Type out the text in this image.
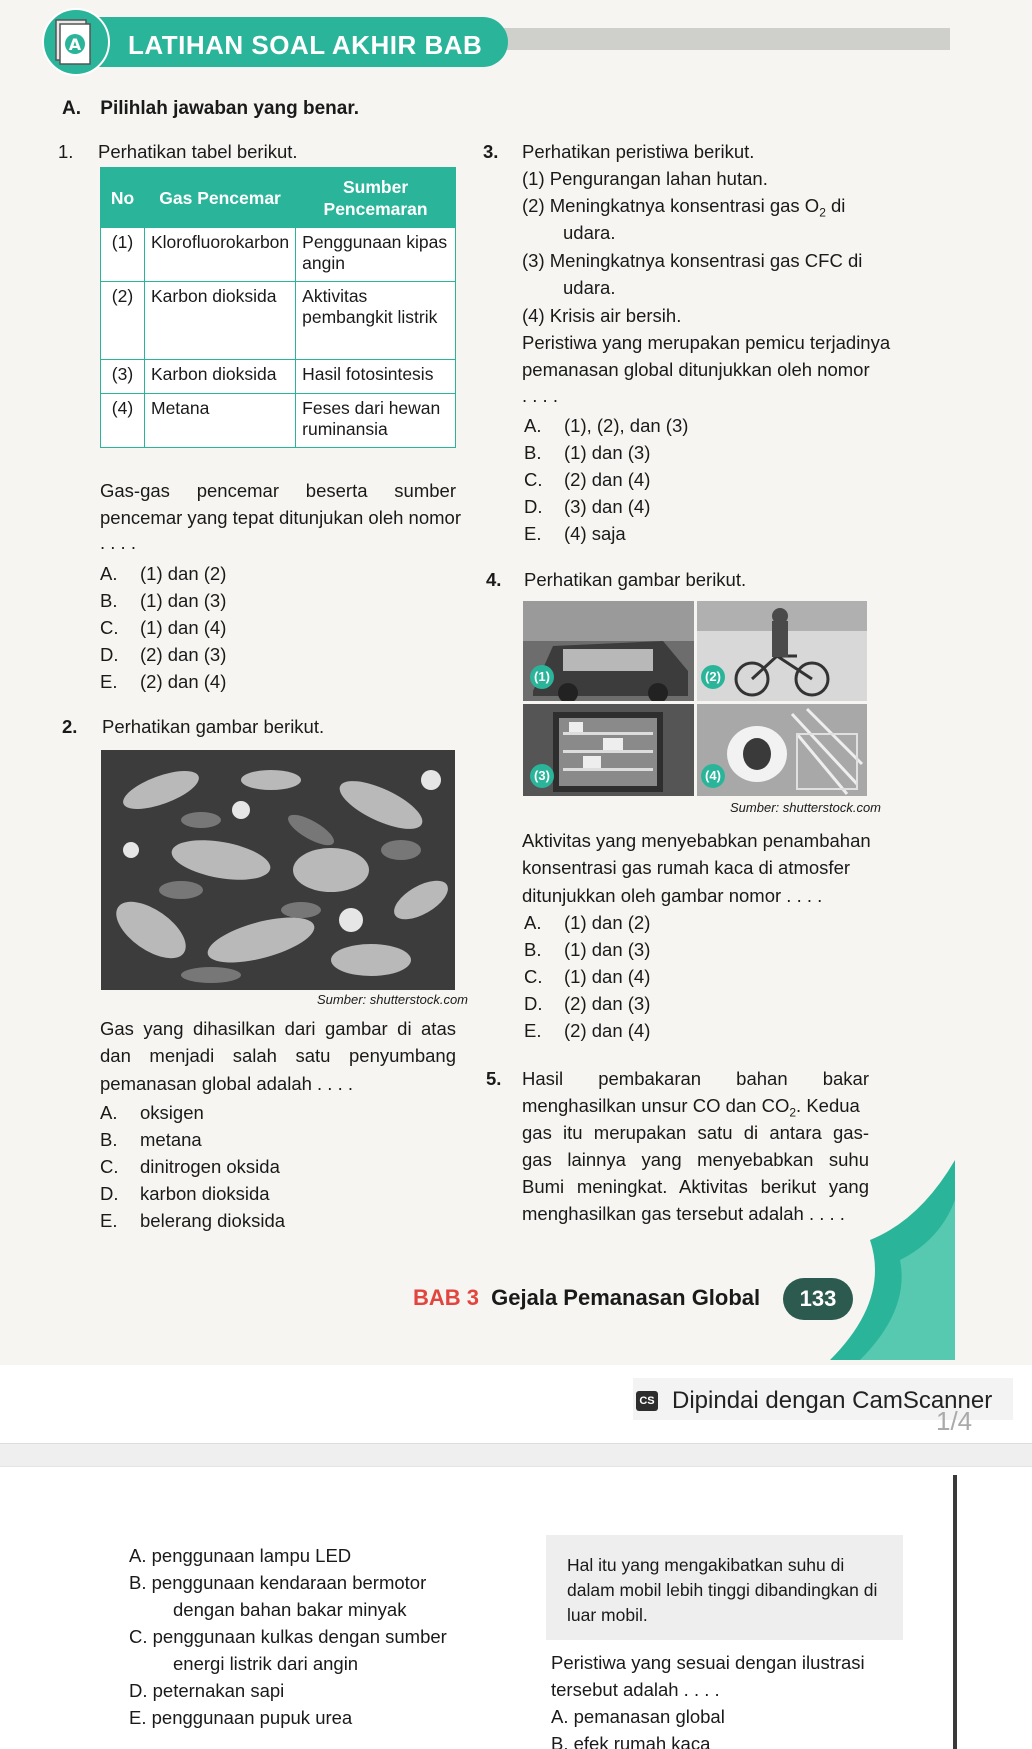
A LATIHAN SOAL AKHIR BAB
A. Pilihlah jawaban yang benar.
1. Perhatikan tabel berikut.
No	Gas Pencemar	Sumber Pencemaran
(1)	Klorofluorokarbon	Penggunaan kipas angin
(2)	Karbon dioksida	Aktivitas pembangkit listrik
(3)	Karbon dioksida	Hasil fotosintesis
(4)	Metana	Feses dari hewan ruminansia
Gas-gas pencemar beserta sumber
pencemar yang tepat ditunjukan oleh nomor
. . . .
A. (1) dan (2)
B. (1) dan (3)
C. (1) dan (4)
D. (2) dan (3)
E. (2) dan (4)
2. Perhatikan gambar berikut.
Sumber: shutterstock.com
Gas yang dihasilkan dari gambar di atas
dan menjadi salah satu penyumbang
pemanasan global adalah . . . .
A. oksigen
B. metana
C. dinitrogen oksida
D. karbon dioksida
E. belerang dioksida
3. Perhatikan peristiwa berikut.
(1) Pengurangan lahan hutan.
(2) Meningkatnya konsentrasi gas $O_2$ di
udara.
(3) Meningkatnya konsentrasi gas CFC di
udara.
(4) Krisis air bersih.
Peristiwa yang merupakan pemicu terjadinya
pemanasan global ditunjukkan oleh nomor
. . . .
A. (1), (2), dan (3)
B. (1) dan (3)
C. (2) dan (4)
D. (3) dan (4)
E. (4) saja
4. Perhatikan gambar berikut.
(1)	(2)
(3)	(4)
Sumber: shutterstock.com
Aktivitas yang menyebabkan penambahan
konsentrasi gas rumah kaca di atmosfer
ditunjukkan oleh gambar nomor . . . .
A. (1) dan (2)
B. (1) dan (3)
C. (1) dan (4)
D. (2) dan (3)
E. (2) dan (4)
5. Hasil pembakaran bahan bakar
menghasilkan unsur CO dan $CO_2$. Kedua
gas itu merupakan satu di antara gas-
gas lainnya yang menyebabkan suhu
Bumi meningkat. Aktivitas berikut yang
menghasilkan gas tersebut adalah . . . .
BAB 3 Gejala Pemanasan Global	133
CS Dipindai dengan CamScanner
1/4
A. penggunaan lampu LED
B. penggunaan kendaraan bermotor
dengan bahan bakar minyak
C. penggunaan kulkas dengan sumber
energi listrik dari angin
D. peternakan sapi
E. penggunaan pupuk urea
Hal itu yang mengakibatkan suhu di
dalam mobil lebih tinggi dibandingkan di
luar mobil.
Peristiwa yang sesuai dengan ilustrasi
tersebut adalah . . . .
A. pemanasan global
B. efek rumah kaca
